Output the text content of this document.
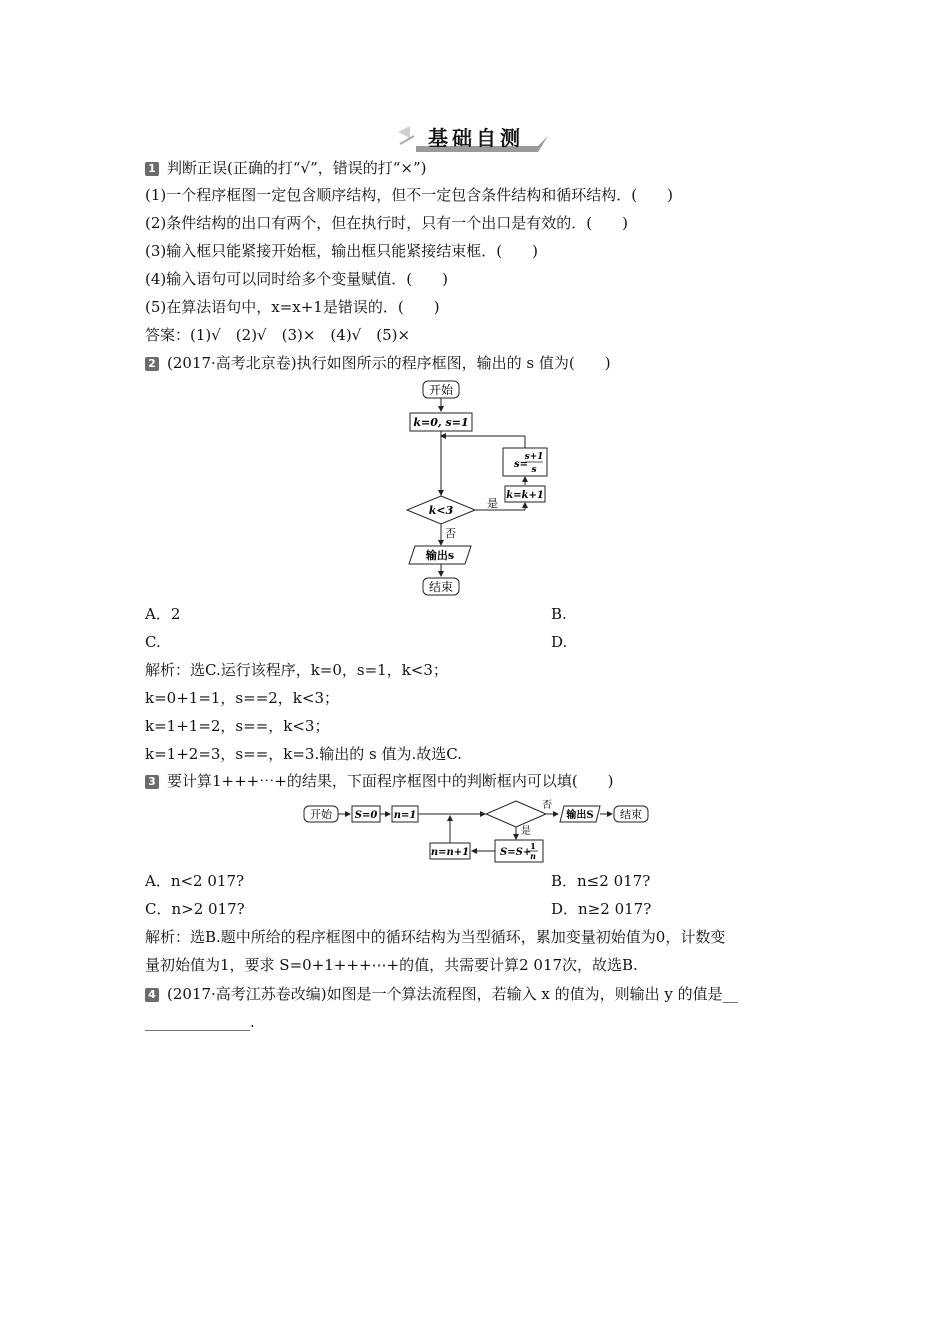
基础自测
1 判断正误(正确的打“√”，错误的打“×”)
(1)一个程序框图一定包含顺序结构，但不一定包含条件结构和循环结构．(　　)
(2)条件结构的出口有两个，但在执行时，只有一个出口是有效的．(　　)
(3)输入框只能紧接开始框，输出框只能紧接结束框．(　　)
(4)输入语句可以同时给多个变量赋值．(　　)
(5)在算法语句中，x=x+1是错误的．(　　)
答案：(1)√　(2)√　(3)×　(4)√　(5)×
2 (2017·高考北京卷)执行如图所示的程序框图，输出的 s 值为(　　)
开始
k=0, s=1
s=
s+1
s
k=k+1
k<3
是
否
输出s
结束
A．2	B.
C.	D.
解析：选C.运行该程序，k=0，s=1，k<3；
k=0+1=1，s==2，k<3；
k=1+1=2，s==，k<3；
k=1+2=3，s==，k=3.输出的 s 值为.故选C.
3 要计算1+++⋯+的结果，下面程序框图中的判断框内可以填(　　)
开始 S=0 n=1
否
输出S 结束
是
S=S+
1
n
n=n+1
A．n<2 017?	B．n≤2 017?
C．n>2 017?	D．n≥2 017?
解析：选B.题中所给的程序框图中的循环结构为当型循环，累加变量初始值为0，计数变
量初始值为1，要求 S=0+1+++⋯+的值，共需要计算2 017次，故选B.
4 (2017·高考江苏卷改编)如图是一个算法流程图，若输入 x 的值为，则输出 y 的值是__
______________.
